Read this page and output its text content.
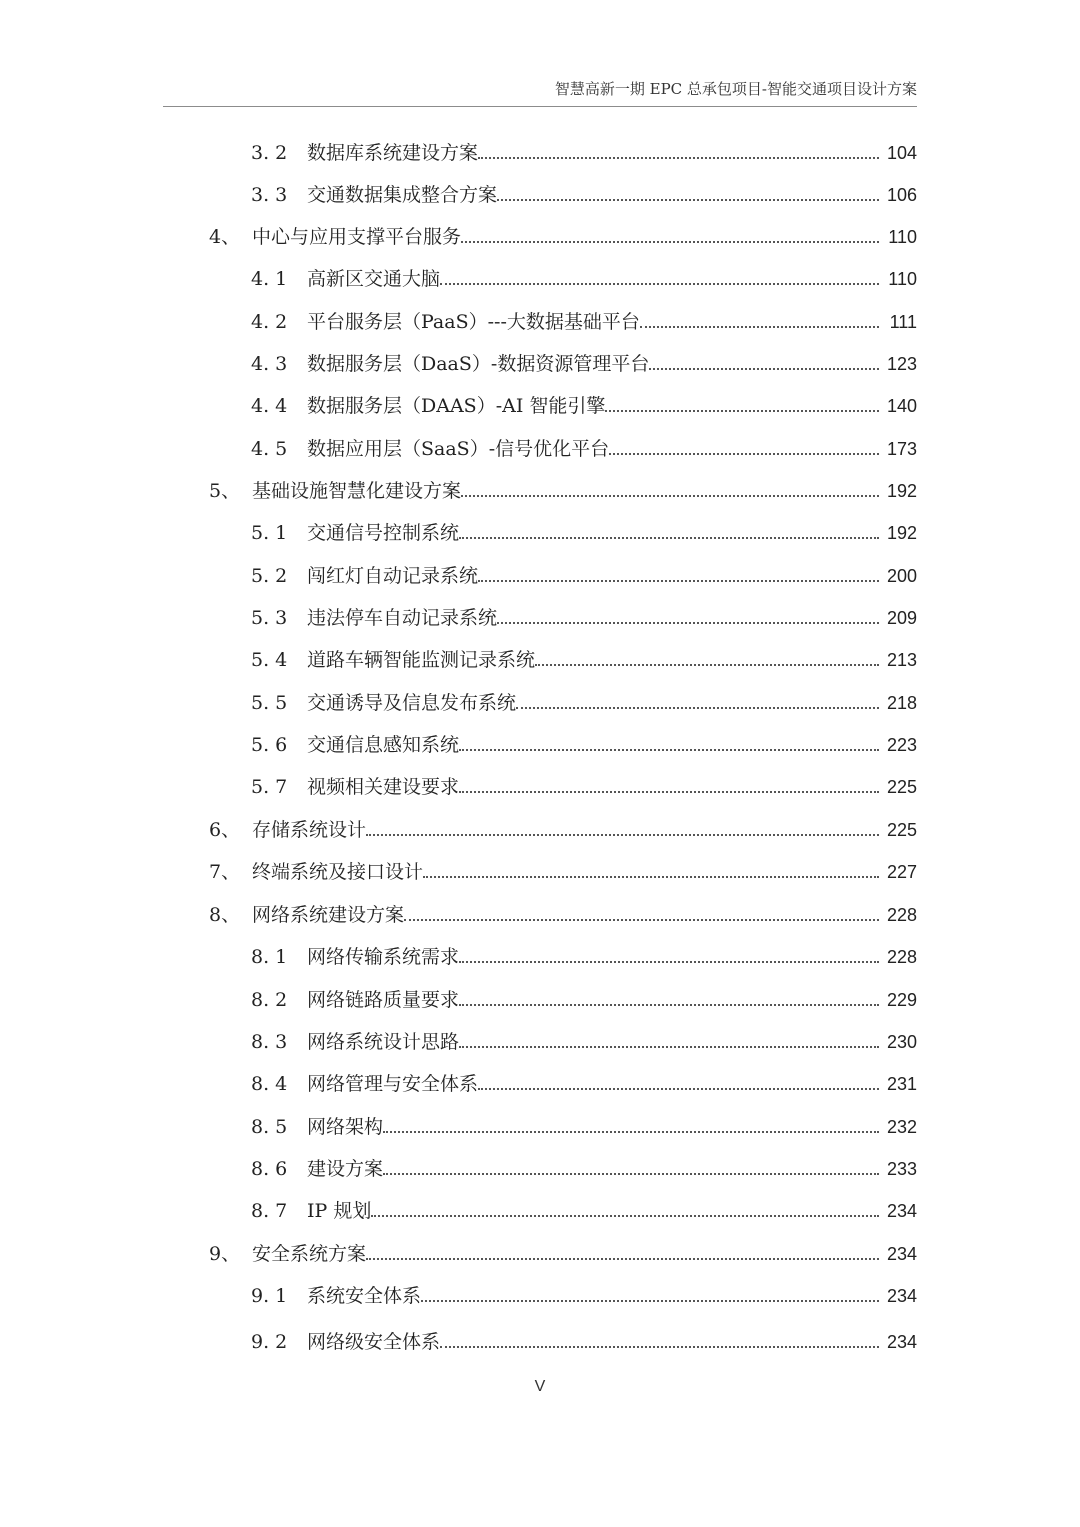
智慧高新一期 EPC 总承包项目-智能交通项目设计方案
3. 2	数据库系统建设方案	104
3. 3	交通数据集成整合方案	106
4、 中心与应用支撑平台服务	110
4. 1	高新区交通大脑	110
4. 2	平台服务层（PaaS）---大数据基础平台	111
4. 3	数据服务层（DaaS）-数据资源管理平台	123
4. 4	数据服务层（DAAS）-AI 智能引擎	140
4. 5	数据应用层（SaaS）-信号优化平台	173
5、 基础设施智慧化建设方案	192
5. 1	交通信号控制系统	192
5. 2	闯红灯自动记录系统	200
5. 3	违法停车自动记录系统	209
5. 4	道路车辆智能监测记录系统	213
5. 5	交通诱导及信息发布系统	218
5. 6	交通信息感知系统	223
5. 7	视频相关建设要求	225
6、 存储系统设计	225
7、 终端系统及接口设计	227
8、 网络系统建设方案	228
8. 1	网络传输系统需求	228
8. 2	网络链路质量要求	229
8. 3	网络系统设计思路	230
8. 4	网络管理与安全体系	231
8. 5	网络架构	232
8. 6	建设方案	233
8. 7	IP 规划	234
9、 安全系统方案	234
9. 1	系统安全体系	234
9. 2	网络级安全体系	234
V
